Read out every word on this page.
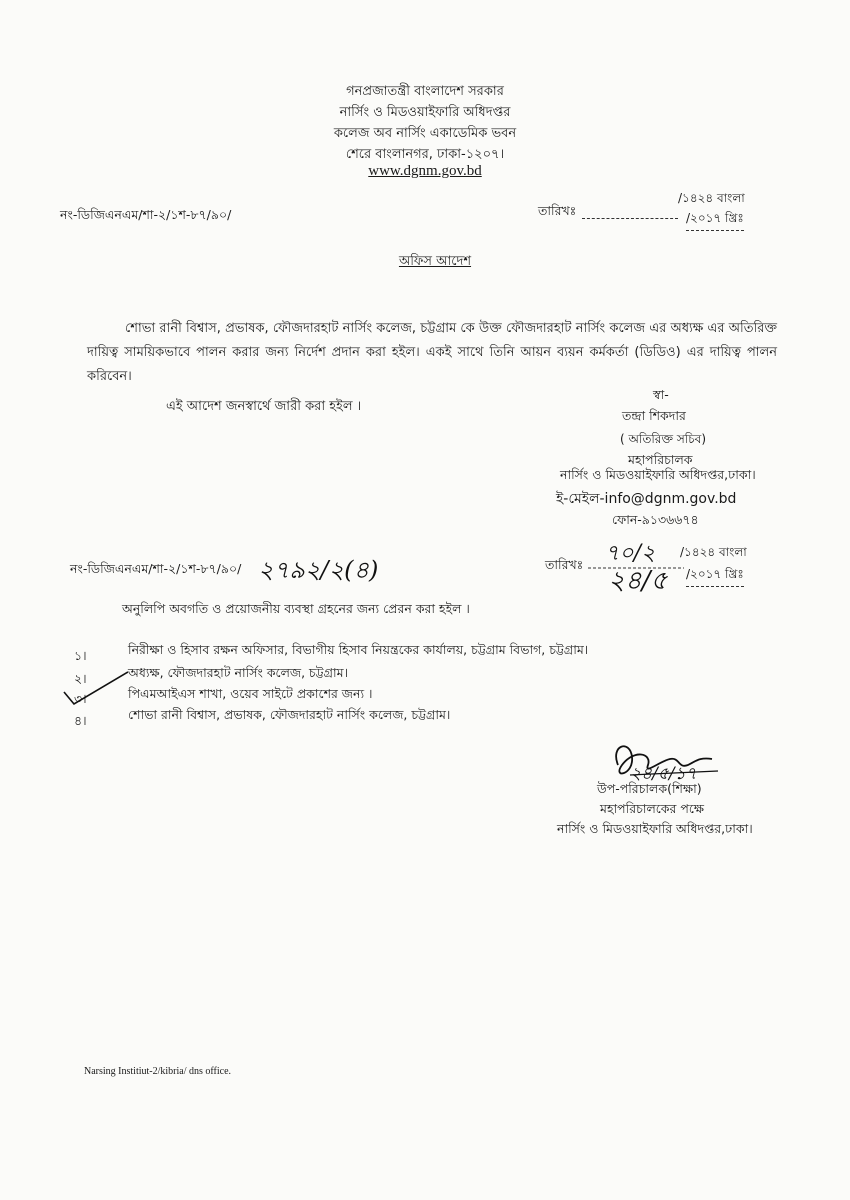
গনপ্রজাতন্ত্রী বাংলাদেশ সরকার
নার্সিং ও মিডওয়াইফারি অধিদপ্তর
কলেজ অব নার্সিং একাডেমিক ভবন
শেরে বাংলানগর, ঢাকা-১২০৭।
www.dgnm.gov.bd
নং-ডিজিএনএম/শা-২/১শ-৮৭/৯০/	তারিখঃ

/১৪২৪ বাংলা
/২০১৭ খ্রিঃ
অফিস আদেশ
শোভা রানী বিশ্বাস, প্রভাষক, ফৌজদারহাট নার্সিং কলেজ, চট্টগ্রাম কে উক্ত ফৌজদারহাট নার্সিং কলেজ এর অধ্যক্ষ এর অতিরিক্ত দায়িত্ব সাময়িকভাবে পালন করার জন্য নির্দেশ প্রদান করা হইল। একই সাথে তিনি আয়ন ব্যয়ন কর্মকর্তা (ডিডিও) এর দায়িত্ব পালন করিবেন।
এই আদেশ জনস্বার্থে জারী করা হইল ।
স্বা-
তন্দ্রা শিকদার
( অতিরিক্ত সচিব)
মহাপরিচালক
নার্সিং ও মিডওয়াইফারি অধিদপ্তর,ঢাকা।
ই-মেইল-info@dgnm.gov.bd
ফোন-৯১৩৬৬৭৪
নং-ডিজিএনএম/শা-২/১শ-৮৭/৯০/ ২৭৯২/২(৪)	তারিখঃ ৭০/২
২৪/৫
/১৪২৪ বাংলা
/২০১৭ খ্রিঃ
অনুলিপি অবগতি ও প্রয়োজনীয় ব্যবস্থা গ্রহনের জন্য প্রেরন করা হইল ।
১।	নিরীক্ষা ও হিসাব রক্ষন অফিসার, বিভাগীয় হিসাব নিয়ন্ত্রকের কার্যালয়, চট্টগ্রাম বিভাগ, চট্টগ্রাম।
২।	অধ্যক্ষ, ফৌজদারহাট নার্সিং কলেজ, চট্টগ্রাম।
৩।	পিএমআইএস শাখা, ওয়েব সাইটে প্রকাশের জন্য ।
৪।	শোভা রানী বিশ্বাস, প্রভাষক, ফৌজদারহাট নার্সিং কলেজ, চট্টগ্রাম।
২৪/৫/১৭
উপ-পরিচালক(শিক্ষা)
মহাপরিচালকের পক্ষে
নার্সিং ও মিডওয়াইফারি অধিদপ্তর,ঢাকা।
Narsing Institiut-2/kibria/ dns office.
